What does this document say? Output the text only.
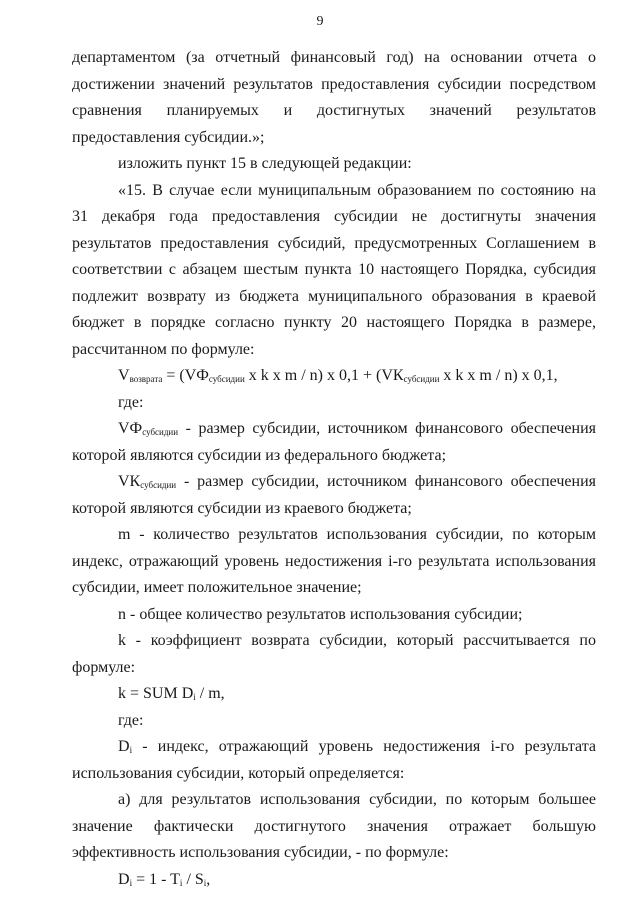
9

департаментом (за отчетный финансовый год) на основании отчета о достижении значений результатов предоставления субсидии посредством сравнения планируемых и достигнутых значений результатов предоставления субсидии.»;

изложить пункт 15 в следующей редакции:

«15. В случае если муниципальным образованием по состоянию на 31 декабря года предоставления субсидии не достигнуты значения результатов предоставления субсидий, предусмотренных Соглашением в соответствии с абзацем шестым пункта 10 настоящего Порядка, субсидия подлежит возврату из бюджета муниципального образования в краевой бюджет в порядке согласно пункту 20 настоящего Порядка в размере, рассчитанном по формуле:

$V_{возврата} = (VФ_{субсидии}$ x k x m / n) x $0,1 + (VК_{субсидии}$ x k x m / n) x 0,1,

где:

$VФ_{субсидии}$ - размер субсидии, источником финансового обеспечения которой являются субсидии из федерального бюджета;

$VК_{субсидии}$ - размер субсидии, источником финансового обеспечения которой являются субсидии из краевого бюджета;

m - количество результатов использования субсидии, по которым индекс, отражающий уровень недостижения i-го результата использования субсидии, имеет положительное значение;

n - общее количество результатов использования субсидии;

k - коэффициент возврата субсидии, который рассчитывается по формуле:

k = SUM $D_i$ / m,

где:

$D_i$ - индекс, отражающий уровень недостижения i-го результата использования субсидии, который определяется:

а) для результатов использования субсидии, по которым большее значение фактически достигнутого значения отражает большую эффективность использования субсидии, - по формуле:

$D_i = 1 - T_i / S_i$,
